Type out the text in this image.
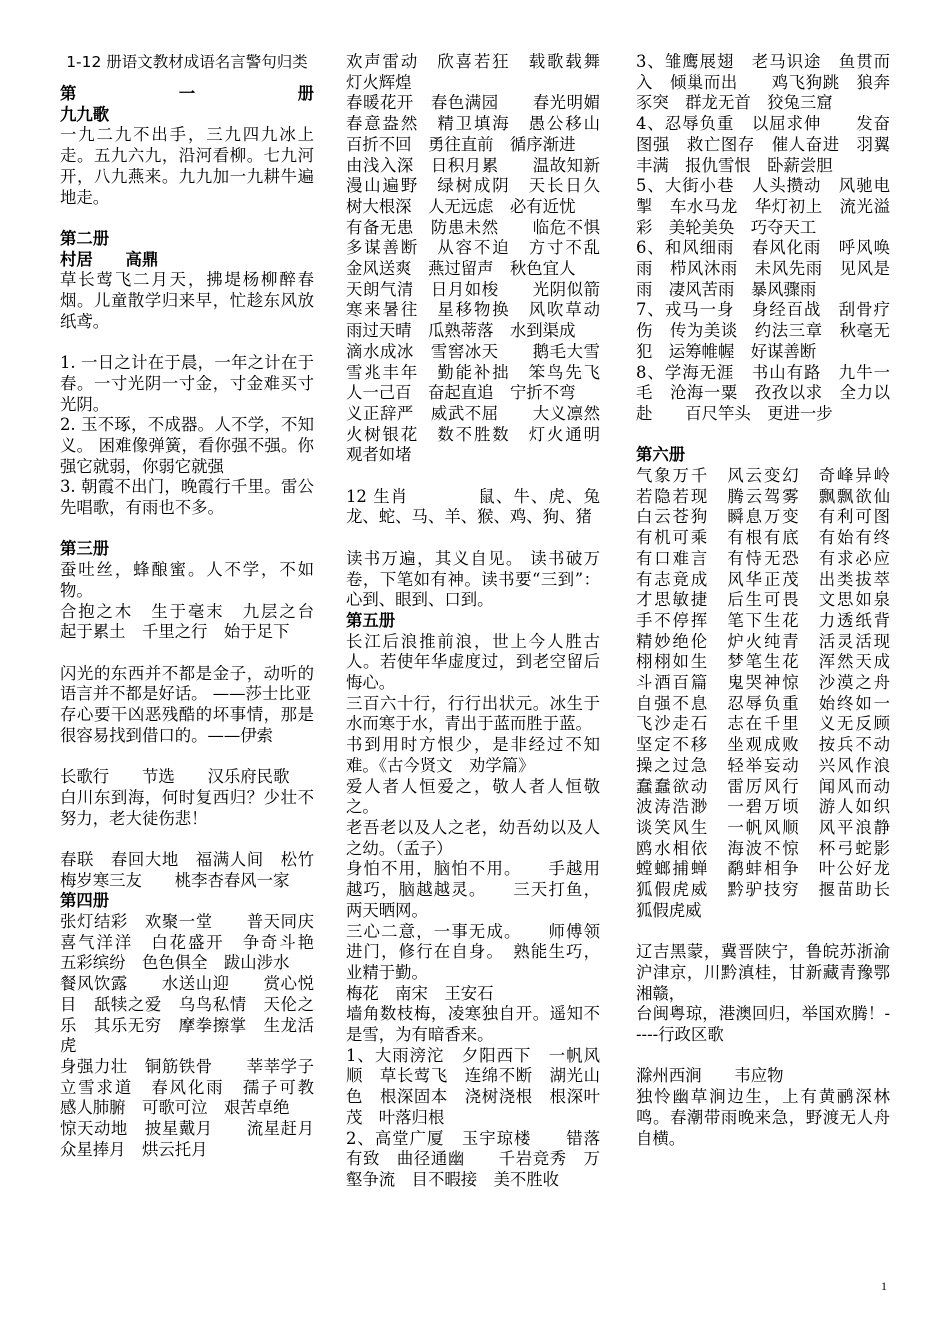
1-12 册语文教材成语名言警句归类

第	一	册

九九歌

一九二九不出手，三九四九冰上走。五九六九，沿河看柳。七九河开，八九燕来。九九加一九耕牛遍地走。

第二册

村居　　高鼎

草长莺飞二月天，拂堤杨柳醉春烟。儿童散学归来早，忙趁东风放纸鸢。

1. 一日之计在于晨，一年之计在于春。一寸光阴一寸金，寸金难买寸光阴。

2. 玉不琢，不成器。人不学，不知义。 困难像弹簧，看你强不强。你强它就弱，你弱它就强

3. 朝霞不出门，晚霞行千里。雷公先唱歌，有雨也不多。

第三册

蚕吐丝，蜂酿蜜。人不学，不如物。

合抱之木　生于毫末　九层之台　起于累土　千里之行　始于足下

闪光的东西并不都是金子，动听的语言并不都是好话。 ——莎士比亚

存心要干凶恶残酷的坏事情，那是很容易找到借口的。——伊索

长歌行　　节选　　汉乐府民歌

白川东到海，何时复西归？少壮不努力，老大徒伤悲！

春联　春回大地　福满人间　松竹梅岁寒三友　　桃李杏春风一家

第四册

张灯结彩　欢聚一堂　　普天同庆　喜气洋洋　白花盛开　争奇斗艳　五彩缤纷　色色俱全　跋山涉水

餐风饮露　　水送山迎　　赏心悦目　舐犊之爱　乌鸟私情　天伦之乐　其乐无穷　摩拳擦掌　生龙活虎

身强力壮　铜筋铁骨　　莘莘学子　立雪求道　春风化雨　孺子可教　感人肺腑　可歌可泣　艰苦卓绝

惊天动地　披星戴月　　流星赶月　众星捧月　烘云托月

欢声雷动　欣喜若狂　载歌载舞　灯火辉煌

春暖花开　春色满园　　春光明媚　春意盎然　精卫填海　愚公移山　百折不回　勇往直前　循序渐进

由浅入深　日积月累　　温故知新　漫山遍野　绿树成阴　天长日久　树大根深　人无远虑　必有近忧

有备无患　防患未然　　临危不惧　多谋善断　从容不迫　方寸不乱　金风送爽　燕过留声　秋色宜人

天朗气清　日月如梭　　光阴似箭　寒来暑往　星移物换　风吹草动　雨过天晴　瓜熟蒂落　水到渠成

滴水成冰　雪窖冰天　　鹅毛大雪　雪兆丰年　勤能补拙　笨鸟先飞　人一己百　奋起直追　宁折不弯

义正辞严　威武不屈　　大义凛然　火树银花　数不胜数　灯火通明　观者如堵

12 生肖　　　　鼠、牛、虎、兔　龙、蛇、马、羊、猴、鸡、狗、猪

读书万遍，其义自见。 读书破万卷，下笔如有神。读书要“三到”：心到、眼到、口到。

第五册

长江后浪推前浪，世上今人胜古人。若使年华虚度过，到老空留后悔心。

三百六十行，行行出状元。冰生于水而寒于水，青出于蓝而胜于蓝。

书到用时方恨少，是非经过不知难。《古今贤文　劝学篇》

爱人者人恒爱之，敬人者人恒敬之。

老吾老以及人之老，幼吾幼以及人之幼。（孟子）

身怕不用，脑怕不用。　　手越用越巧，脑越越灵。　　三天打鱼，两天晒网。

三心二意，一事无成。　　师傅领进门，修行在自身。　熟能生巧，业精于勤。

梅花　南宋　王安石

墙角数枝梅，凌寒独自开。遥知不是雪，为有暗香来。

1、大雨滂沱　夕阳西下　一帆风顺　草长莺飞　连绵不断　湖光山色　根深固本　浇树浇根　根深叶茂　叶落归根

2、高堂广厦　玉宇琼楼　　错落有致　曲径通幽　　千岩竞秀　万壑争流　目不暇接　美不胜收

3、雏鹰展翅　老马识途　鱼贯而入　倾巢而出　　鸡飞狗跳　狼奔豕突　群龙无首　狡兔三窟

4、忍辱负重　以屈求伸　　发奋图强　救亡图存　催人奋进　羽翼丰满　报仇雪恨　卧薪尝胆

5、大街小巷　人头攒动　风驰电掣　车水马龙　华灯初上　流光溢彩　美轮美奂　巧夺天工

6、和风细雨　春风化雨　呼风唤雨　栉风沐雨　未风先雨　见风是雨　凄风苦雨　暴风骤雨

7、戎马一身　身经百战　刮骨疗伤　传为美谈　约法三章　秋毫无犯　运筹帷幄　好谋善断

8、学海无涯　书山有路　九牛一毛　沧海一粟　孜孜以求　全力以赴　　百尺竿头　更进一步

第六册

气象万千　风云变幻　奇峰异岭　若隐若现　腾云驾雾　飘飘欲仙　白云苍狗　瞬息万变　有利可图　有机可乘　有根有底　有始有终　有口难言　有恃无恐　有求必应　有志竟成　风华正茂　出类拔萃　才思敏捷　后生可畏　文思如泉　手不停挥　笔下生花　力透纸背　精妙绝伦　炉火纯青　活灵活现　栩栩如生　梦笔生花　浑然天成　斗酒百篇　鬼哭神惊　沙漠之舟　自强不息　忍辱负重　始终如一　飞沙走石　志在千里　义无反顾　坚定不移　坐观成败　按兵不动　操之过急　轻举妄动　兴风作浪　蠢蠢欲动　雷厉风行　闻风而动　波涛浩渺　一碧万顷　游人如织　谈笑风生　一帆风顺　风平浪静　鸥水相依　海波不惊　杯弓蛇影　螳螂捕蝉　鹬蚌相争　叶公好龙　狐假虎威　黔驴技穷　揠苗助长　狐假虎威

辽吉黑蒙，冀晋陕宁，鲁皖苏浙渝沪津京，川黔滇桂，甘新藏青豫鄂湘赣，

台闽粤琼，港澳回归，举国欢腾！-----行政区歌

滁州西涧　　韦应物

独怜幽草涧边生，上有黄鹂深林鸣。春潮带雨晚来急，野渡无人舟自横。

1
